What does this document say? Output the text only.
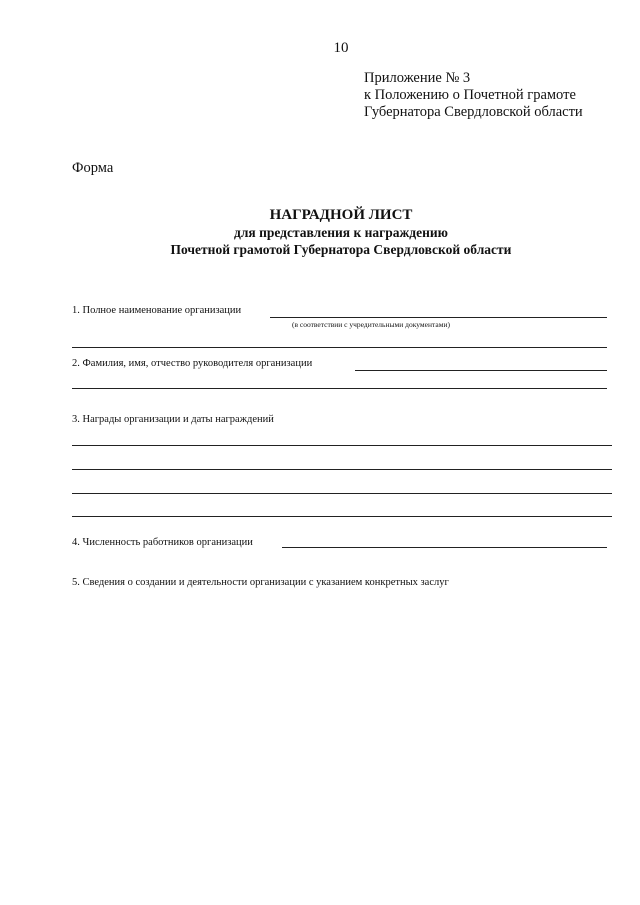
10
Приложение № 3
к Положению о Почетной грамоте
Губернатора Свердловской области
Форма
НАГРАДНОЙ ЛИСТ
для представления к награждению
Почетной грамотой Губернатора Свердловской области
1. Полное наименование организации
(в соответствии с учредительными документами)
2. Фамилия, имя, отчество руководителя организации
3. Награды организации и даты награждений
4. Численность работников организации
5. Сведения о создании и деятельности организации с указанием конкретных заслуг
